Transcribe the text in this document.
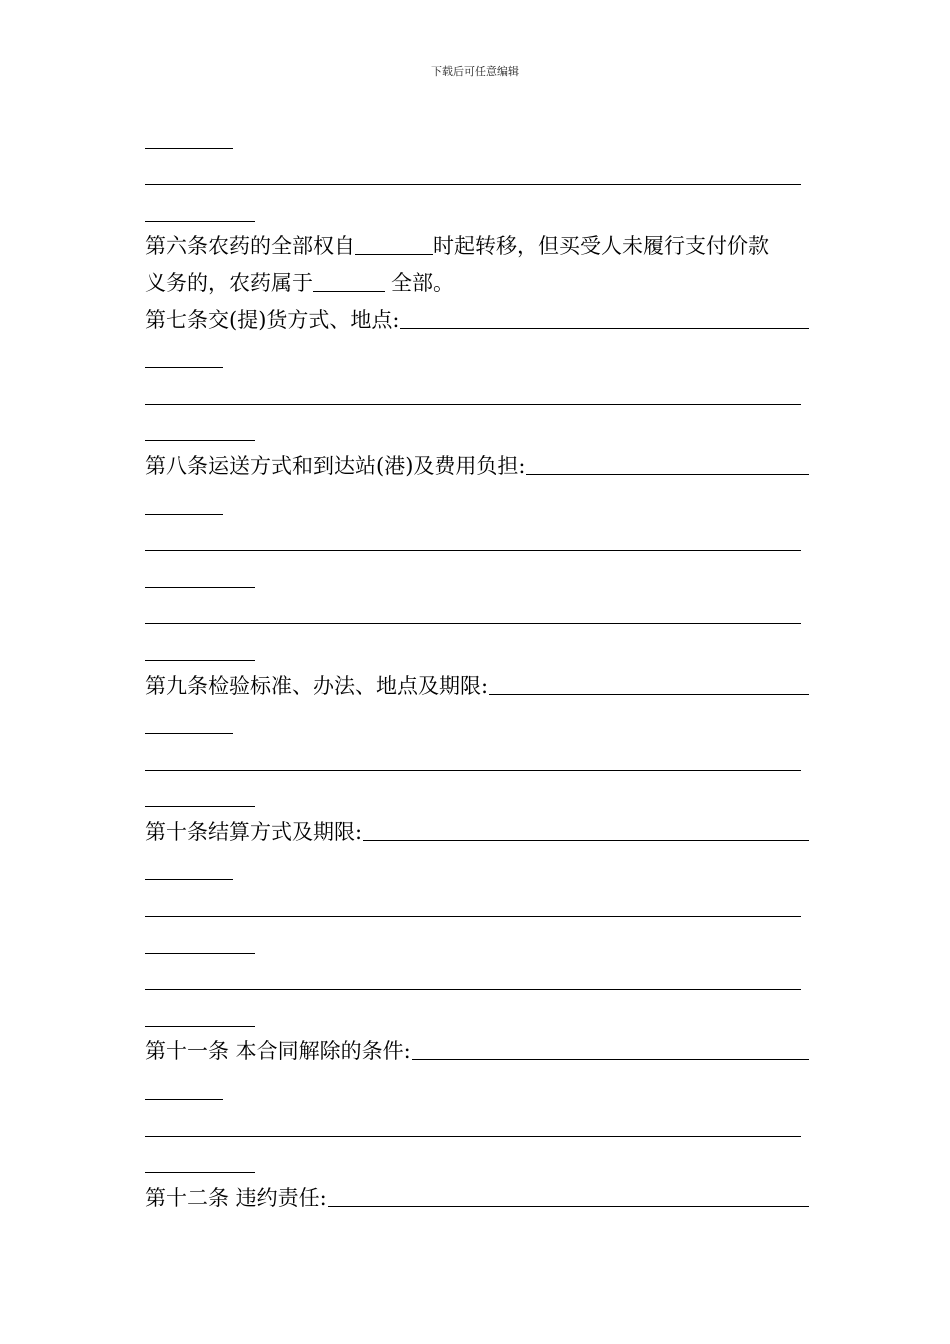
下载后可任意编辑
第六条农药的全部权自	时起转移，但买受人未履行支付价款
义务的，农药属于	全部。
第七条交(提)货方式、地点:
第八条运送方式和到达站(港)及费用负担:
第九条检验标准、办法、地点及期限:
第十条结算方式及期限:
第十一条 本合同解除的条件:
第十二条 违约责任:
